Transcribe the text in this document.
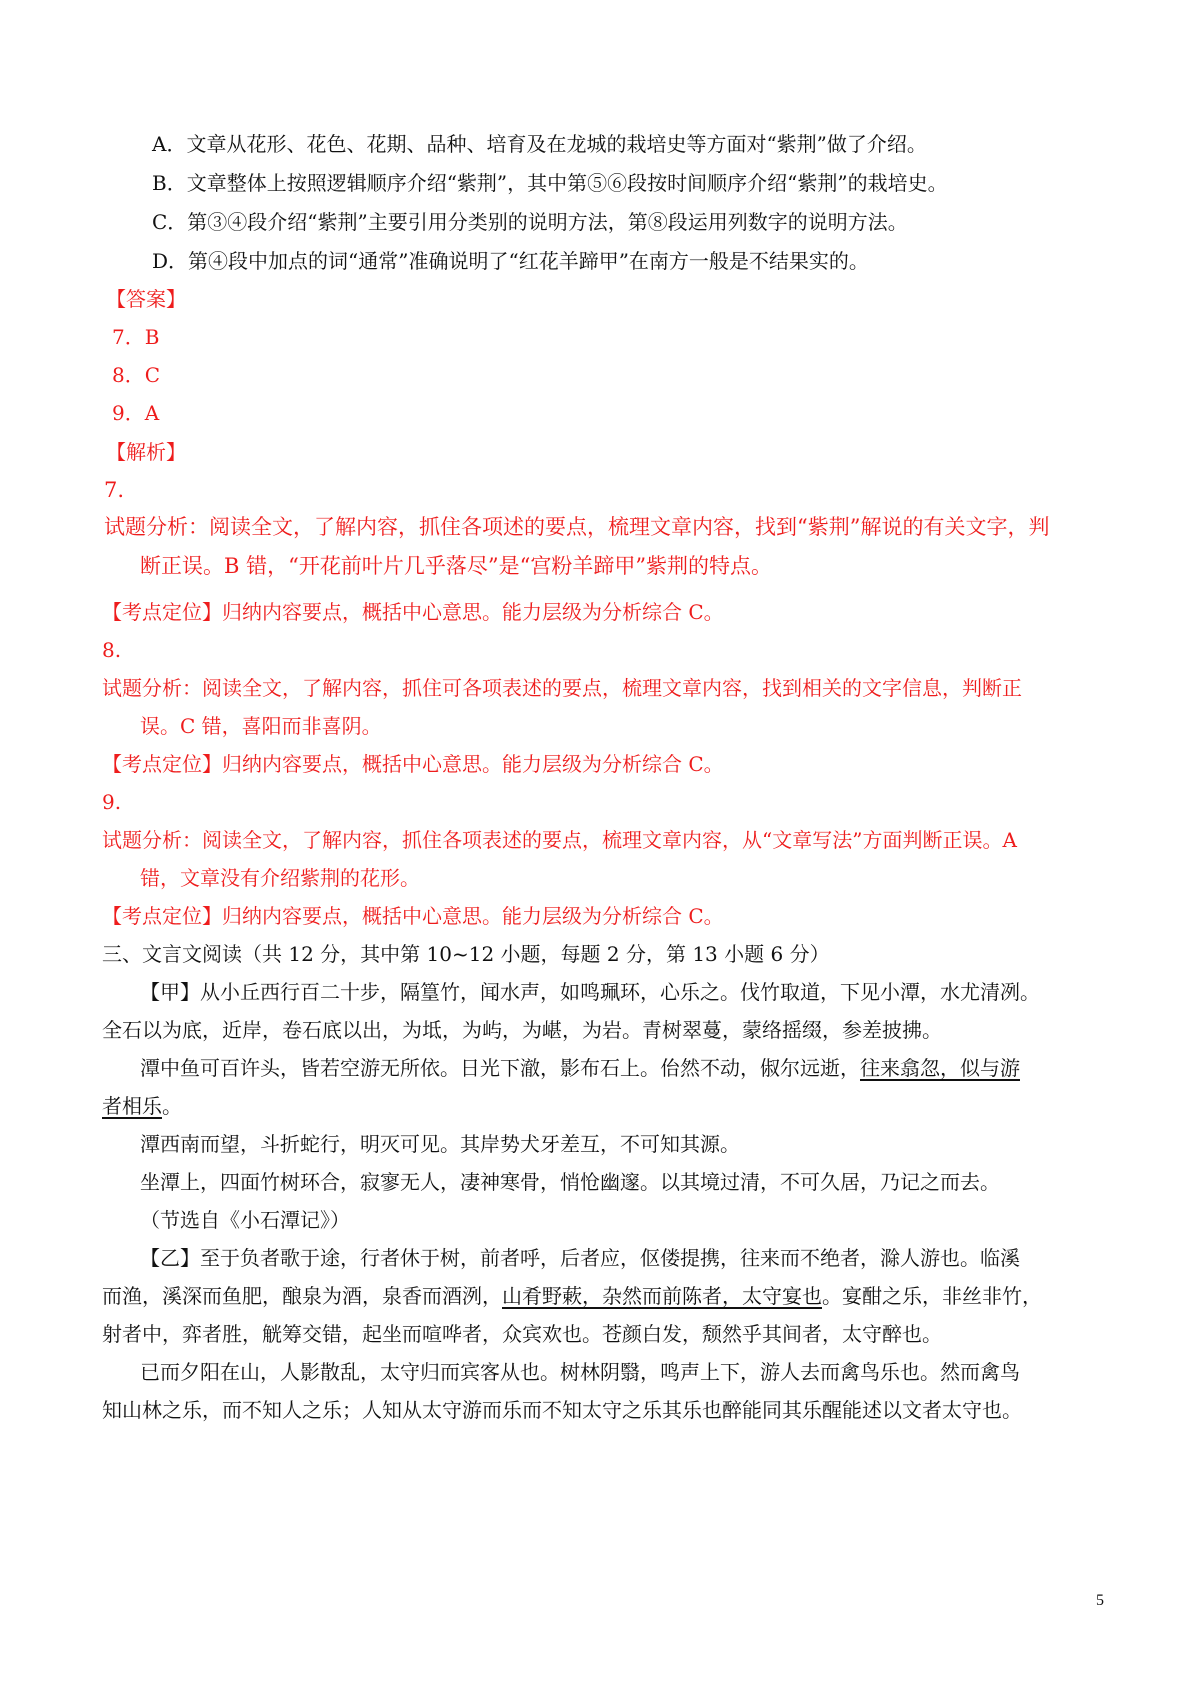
A．文章从花形、花色、花期、品种、培育及在龙城的栽培史等方面对“紫荆”做了介绍。
B．文章整体上按照逻辑顺序介绍“紫荆”，其中第⑤⑥段按时间顺序介绍“紫荆”的栽培史。
C．第③④段介绍“紫荆”主要引用分类别的说明方法，第⑧段运用列数字的说明方法。
D．第④段中加点的词“通常”准确说明了“红花羊蹄甲”在南方一般是不结果实的。
【答案】
7．B
8．C
9．A
【解析】
7.
试题分析：阅读全文，了解内容，抓住各项述的要点，梳理文章内容，找到“紫荆”解说的有关文字，判
断正误。B 错，“开花前叶片几乎落尽”是“宫粉羊蹄甲”紫荆的特点。
【考点定位】归纳内容要点，概括中心意思。能力层级为分析综合 C。
8.
试题分析：阅读全文，了解内容，抓住可各项表述的要点，梳理文章内容，找到相关的文字信息，判断正
误。C 错，喜阳而非喜阴。
【考点定位】归纳内容要点，概括中心意思。能力层级为分析综合 C。
9.
试题分析：阅读全文，了解内容，抓住各项表述的要点，梳理文章内容，从“文章写法”方面判断正误。A
错，文章没有介绍紫荆的花形。
【考点定位】归纳内容要点，概括中心意思。能力层级为分析综合 C。
三、文言文阅读（共 12 分，其中第 10~12 小题，每题 2 分，第 13 小题 6 分）
【甲】从小丘西行百二十步，隔篁竹，闻水声，如鸣珮环，心乐之。伐竹取道，下见小潭，水尤清冽。
全石以为底，近岸，卷石底以出，为坻，为屿，为嵁，为岩。青树翠蔓，蒙络摇缀，参差披拂。
潭中鱼可百许头，皆若空游无所依。日光下澈，影布石上。佁然不动，俶尔远逝，往来翕忽，似与游
者相乐。
潭西南而望，斗折蛇行，明灭可见。其岸势犬牙差互，不可知其源。
坐潭上，四面竹树环合，寂寥无人，凄神寒骨，悄怆幽邃。以其境过清，不可久居，乃记之而去。
（节选自《小石潭记》）
【乙】至于负者歌于途，行者休于树，前者呼，后者应，伛偻提携，往来而不绝者，滁人游也。临溪
而渔，溪深而鱼肥，酿泉为酒，泉香而酒洌，山肴野蔌，杂然而前陈者，太守宴也。宴酣之乐，非丝非竹，
射者中，弈者胜，觥筹交错，起坐而喧哗者，众宾欢也。苍颜白发，颓然乎其间者，太守醉也。
已而夕阳在山，人影散乱，太守归而宾客从也。树林阴翳，鸣声上下，游人去而禽鸟乐也。然而禽鸟
知山林之乐，而不知人之乐；人知从太守游而乐而不知太守之乐其乐也醉能同其乐醒能述以文者太守也。
5
